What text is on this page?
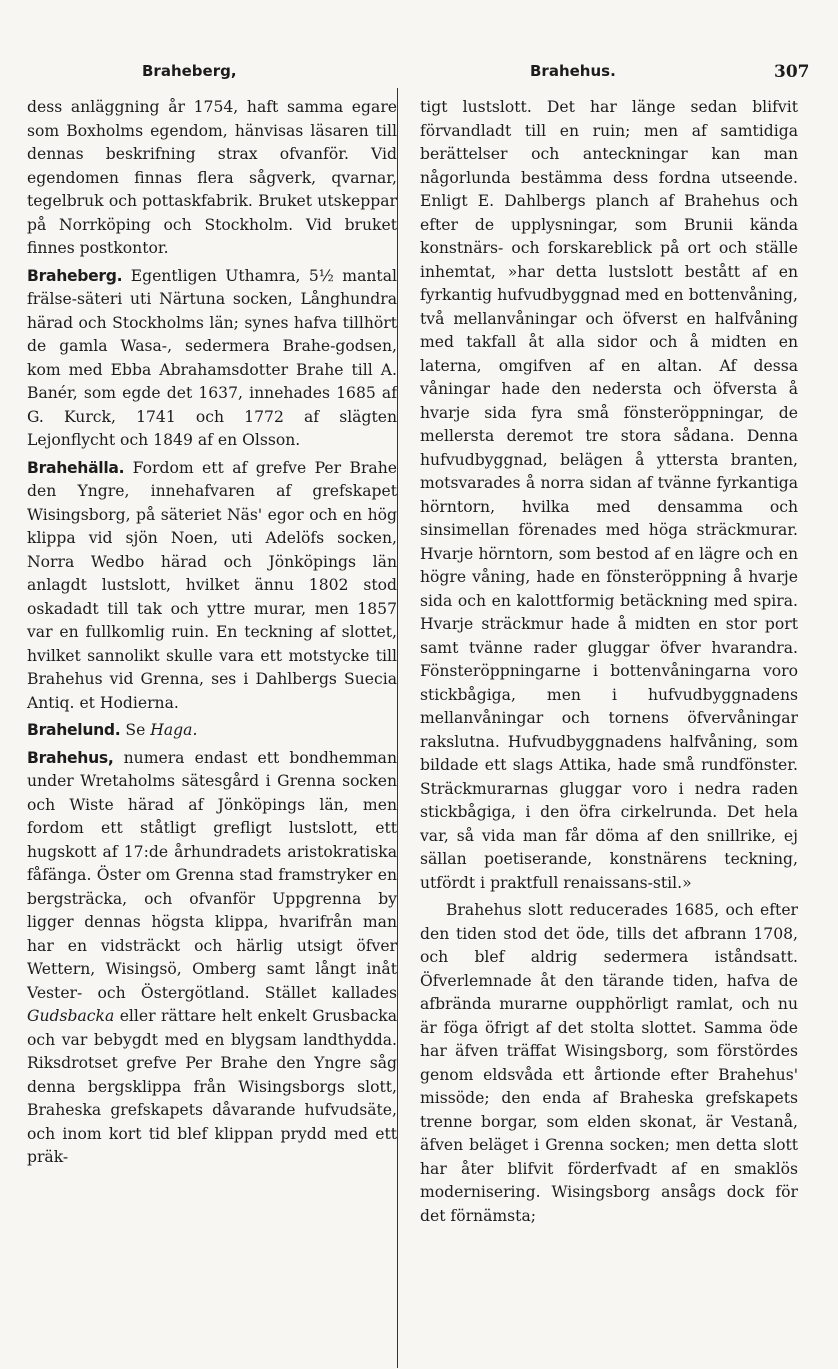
Braheberg,	Brahehus.	307

dess anläggning år 1754, haft samma egare som Boxholms egendom, hänvisas läsaren till dennas beskrifning strax ofvanför. Vid egendomen finnas flera sågverk, qvarnar, tegelbruk och pottaskfabrik. Bruket utskeppar på Norrköping och Stockholm. Vid bruket finnes postkontor.

Braheberg. Egentligen Uthamra, 5½ mantal frälse-säteri uti Närtuna socken, Långhundra härad och Stockholms län; synes hafva tillhört de gamla Wasa-, sedermera Brahe-godsen, kom med Ebba Abrahamsdotter Brahe till A. Banér, som egde det 1637, innehades 1685 af G. Kurck, 1741 och 1772 af slägten Lejonflycht och 1849 af en Olsson.

Brahehälla. Fordom ett af grefve Per Brahe den Yngre, innehafvaren af grefskapet Wisingsborg, på säteriet Näs' egor och en hög klippa vid sjön Noen, uti Adelöfs socken, Norra Wedbo härad och Jönköpings län anlagdt lustslott, hvilket ännu 1802 stod oskadadt till tak och yttre murar, men 1857 var en fullkomlig ruin. En teckning af slottet, hvilket sannolikt skulle vara ett motstycke till Brahehus vid Grenna, ses i Dahlbergs Suecia Antiq. et Hodierna.

Brahelund. Se Haga.

Brahehus, numera endast ett bondhemman under Wretaholms sätesgård i Grenna socken och Wiste härad af Jönköpings län, men fordom ett ståtligt grefligt lustslott, ett hugskott af 17:de århundradets aristokratiska fåfänga. Öster om Grenna stad framstryker en bergsträcka, och ofvanför Uppgrenna by ligger dennas högsta klippa, hvarifrån man har en vidsträckt och härlig utsigt öfver Wettern, Wisingsö, Omberg samt långt inåt Vester- och Östergötland. Stället kallades Gudsbacka eller rättare helt enkelt Grusbacka och var bebygdt med en blygsam landthydda. Riksdrotset grefve Per Brahe den Yngre såg denna bergsklippa från Wisingsborgs slott, Braheska grefskapets dåvarande hufvudsäte, och inom kort tid blef klippan prydd med ett präk-

tigt lustslott. Det har länge sedan blifvit förvandladt till en ruin; men af samtidiga berättelser och anteckningar kan man någorlunda bestämma dess fordna utseende. Enligt E. Dahlbergs planch af Brahehus och efter de upplysningar, som Brunii kända konstnärs- och forskareblick på ort och ställe inhemtat, »har detta lustslott bestått af en fyrkantig hufvudbyggnad med en bottenvåning, två mellanvåningar och öfverst en halfvåning med takfall åt alla sidor och å midten en laterna, omgifven af en altan. Af dessa våningar hade den nedersta och öfversta å hvarje sida fyra små fönsteröppningar, de mellersta deremot tre stora sådana. Denna hufvudbyggnad, belägen å yttersta branten, motsvarades å norra sidan af tvänne fyrkantiga hörntorn, hvilka med densamma och sinsimellan förenades med höga sträckmurar. Hvarje hörntorn, som bestod af en lägre och en högre våning, hade en fönsteröppning å hvarje sida och en kalottformig betäckning med spira. Hvarje sträckmur hade å midten en stor port samt tvänne rader gluggar öfver hvarandra. Fönsteröppningarne i bottenvåningarna voro stickbågiga, men i hufvudbyggnadens mellanvåningar och tornens öfvervåningar rakslutna. Hufvudbyggnadens halfvåning, som bildade ett slags Attika, hade små rundfönster. Sträckmurarnas gluggar voro i nedra raden stickbågiga, i den öfra cirkelrunda. Det hela var, så vida man får döma af den snillrike, ej sällan poetiserande, konstnärens teckning, utfördt i praktfull renaissans-stil.»

Brahehus slott reducerades 1685, och efter den tiden stod det öde, tills det afbrann 1708, och blef aldrig sedermera iståndsatt. Öfverlemnade åt den tärande tiden, hafva de afbrända murarne oupphörligt ramlat, och nu är föga öfrigt af det stolta slottet. Samma öde har äfven träffat Wisingsborg, som förstördes genom eldsvåda ett årtionde efter Brahehus' missöde; den enda af Braheska grefskapets trenne borgar, som elden skonat, är Vestanå, äfven beläget i Grenna socken; men detta slott har åter blifvit förderfvadt af en smaklös modernisering. Wisingsborg ansågs dock för det förnämsta;
